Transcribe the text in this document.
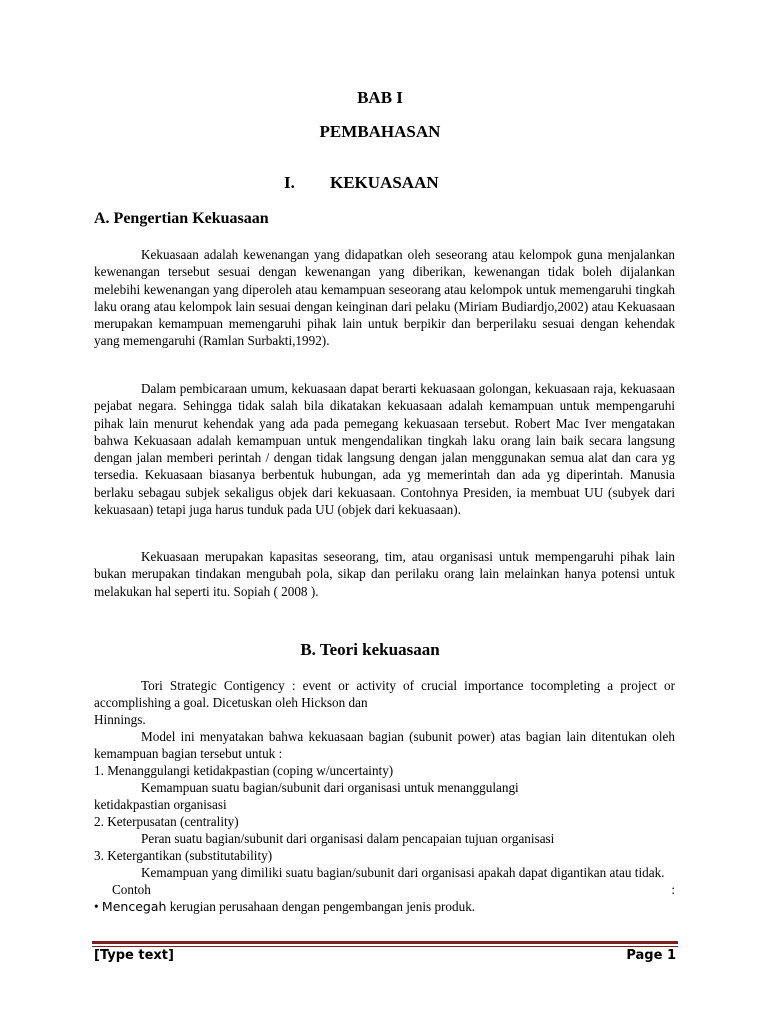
BAB I
PEMBAHASAN
I. KEKUASAAN
A. Pengertian Kekuasaan

Kekuasaan adalah kewenangan yang didapatkan oleh seseorang atau kelompok guna menjalankan kewenangan tersebut sesuai dengan kewenangan yang diberikan, kewenangan tidak boleh dijalankan melebihi kewenangan yang diperoleh atau kemampuan seseorang atau kelompok untuk memengaruhi tingkah laku orang atau kelompok lain sesuai dengan keinginan dari pelaku (Miriam Budiardjo,2002) atau Kekuasaan merupakan kemampuan memengaruhi pihak lain untuk berpikir dan berperilaku sesuai dengan kehendak yang memengaruhi (Ramlan Surbakti,1992).

Dalam pembicaraan umum, kekuasaan dapat berarti kekuasaan golongan, kekuasaan raja, kekuasaan pejabat negara. Sehingga tidak salah bila dikatakan kekuasaan adalah kemampuan untuk mempengaruhi pihak lain menurut kehendak yang ada pada pemegang kekuasaan tersebut. Robert Mac Iver mengatakan bahwa Kekuasaan adalah kemampuan untuk mengendalikan tingkah laku orang lain baik secara langsung dengan jalan memberi perintah / dengan tidak langsung dengan jalan menggunakan semua alat dan cara yg tersedia. Kekuasaan biasanya berbentuk hubungan, ada yg memerintah dan ada yg diperintah. Manusia berlaku sebagau subjek sekaligus objek dari kekuasaan. Contohnya Presiden, ia membuat UU (subyek dari kekuasaan) tetapi juga harus tunduk pada UU (objek dari kekuasaan).

Kekuasaan merupakan kapasitas seseorang, tim, atau organisasi untuk mempengaruhi pihak lain bukan merupakan tindakan mengubah pola, sikap dan perilaku orang lain melainkan hanya potensi untuk melakukan hal seperti itu. Sopiah ( 2008 ).

B. Teori kekuasaan

Tori Strategic Contigency : event or activity of crucial importance tocompleting a project or accomplishing a goal. Dicetuskan oleh Hickson dan

Hinnings.

Model ini menyatakan bahwa kekuasaan bagian (subunit power) atas bagian lain ditentukan oleh kemampuan bagian tersebut untuk :

1. Menanggulangi ketidakpastian (coping w/uncertainty)

Kemampuan suatu bagian/subunit dari organisasi untuk menanggulangi

ketidakpastian organisasi

2. Keterpusatan (centrality)

Peran suatu bagian/subunit dari organisasi dalam pencapaian tujuan organisasi

3. Ketergantikan (substitutability)

Kemampuan yang dimiliki suatu bagian/subunit dari organisasi apakah dapat digantikan atau tidak.

Contoh	:

• Mencegah kerugian perusahaan dengan pengembangan jenis produk.

[Type text]	Page 1
